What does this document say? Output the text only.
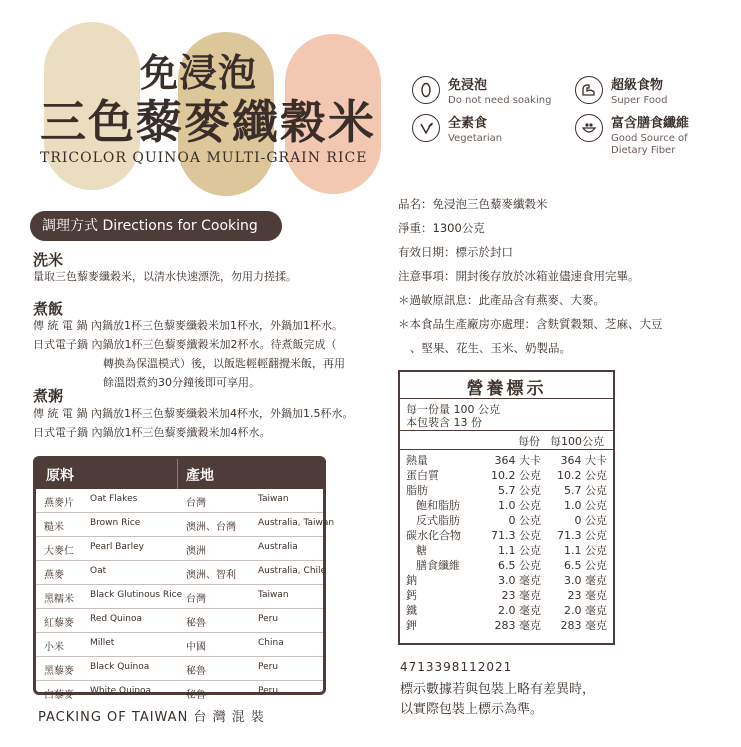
免浸泡
三色藜麥纖穀米
TRICOLOR QUINOA MULTI-GRAIN RICE
免浸泡
Do not need soaking
超級食物
Super Food
全素食
Vegetarian
富含膳食纖維
Good Source of
Dietary Fiber
調理方式 Directions for Cooking
洗米
量取三色藜麥纖穀米，以清水快速漂洗，勿用力搓揉。
煮飯
傳 統 電 鍋 內鍋放1杯三色藜麥纖穀米加1杯水，外鍋加1杯水。
日式電子鍋 內鍋放1杯三色藜麥纖穀米加2杯水。待煮飯完成（
轉換為保溫模式）後，以飯匙輕輕翻攪米飯，再用
餘溫悶煮約30分鐘後即可享用。
煮粥
傳 統 電 鍋 內鍋放1杯三色藜麥纖穀米加4杯水，外鍋加1.5杯水。
日式電子鍋 內鍋放1杯三色藜麥纖穀米加4杯水。
原料	產地
燕麥片 Oat Flakes	台灣	Taiwan
糙米	Brown Rice	澳洲、台灣 Australia, Taiwan
大麥仁 Pearl Barley	澳洲	Australia
燕麥	Oat	澳洲、智利 Australia, Chile
黑糯米 Black Glutinous Rice 台灣	Taiwan
紅藜麥 Red Quinoa	秘魯	Peru
小米	Millet	中國	China
黑藜麥 Black Quinoa	秘魯	Peru
白藜麥 White Quinoa	秘魯	Peru
PACKING OF TAIWAN 台 灣 混 裝
品名：免浸泡三色藜麥纖穀米
淨重：1300公克
有效日期：標示於封口
注意事項：開封後存放於冰箱並儘速食用完畢。
＊過敏原訊息：此產品含有燕麥、大麥。
＊本食品生產廠房亦處理：含麩質穀類、芝麻、大豆
、堅果、花生、玉米、奶製品。
營養標示
每一份量 100 公克
本包裝含 13 份
每份 每100公克
熱量	364 大卡 364 大卡
蛋白質	10.2 公克 10.2 公克
脂肪	5.7 公克 5.7 公克
飽和脂肪	1.0 公克 1.0 公克
反式脂肪	0 公克	0 公克
碳水化合物	71.3 公克 71.3 公克
糖	1.1 公克 1.1 公克
膳食纖維	6.5 公克 6.5 公克
鈉	3.0 毫克 3.0 毫克
鈣	23 毫克 23 毫克
鐵	2.0 毫克 2.0 毫克
鉀	283 毫克 283 毫克
4713398112021
標示數據若與包裝上略有差異時，
以實際包裝上標示為準。
